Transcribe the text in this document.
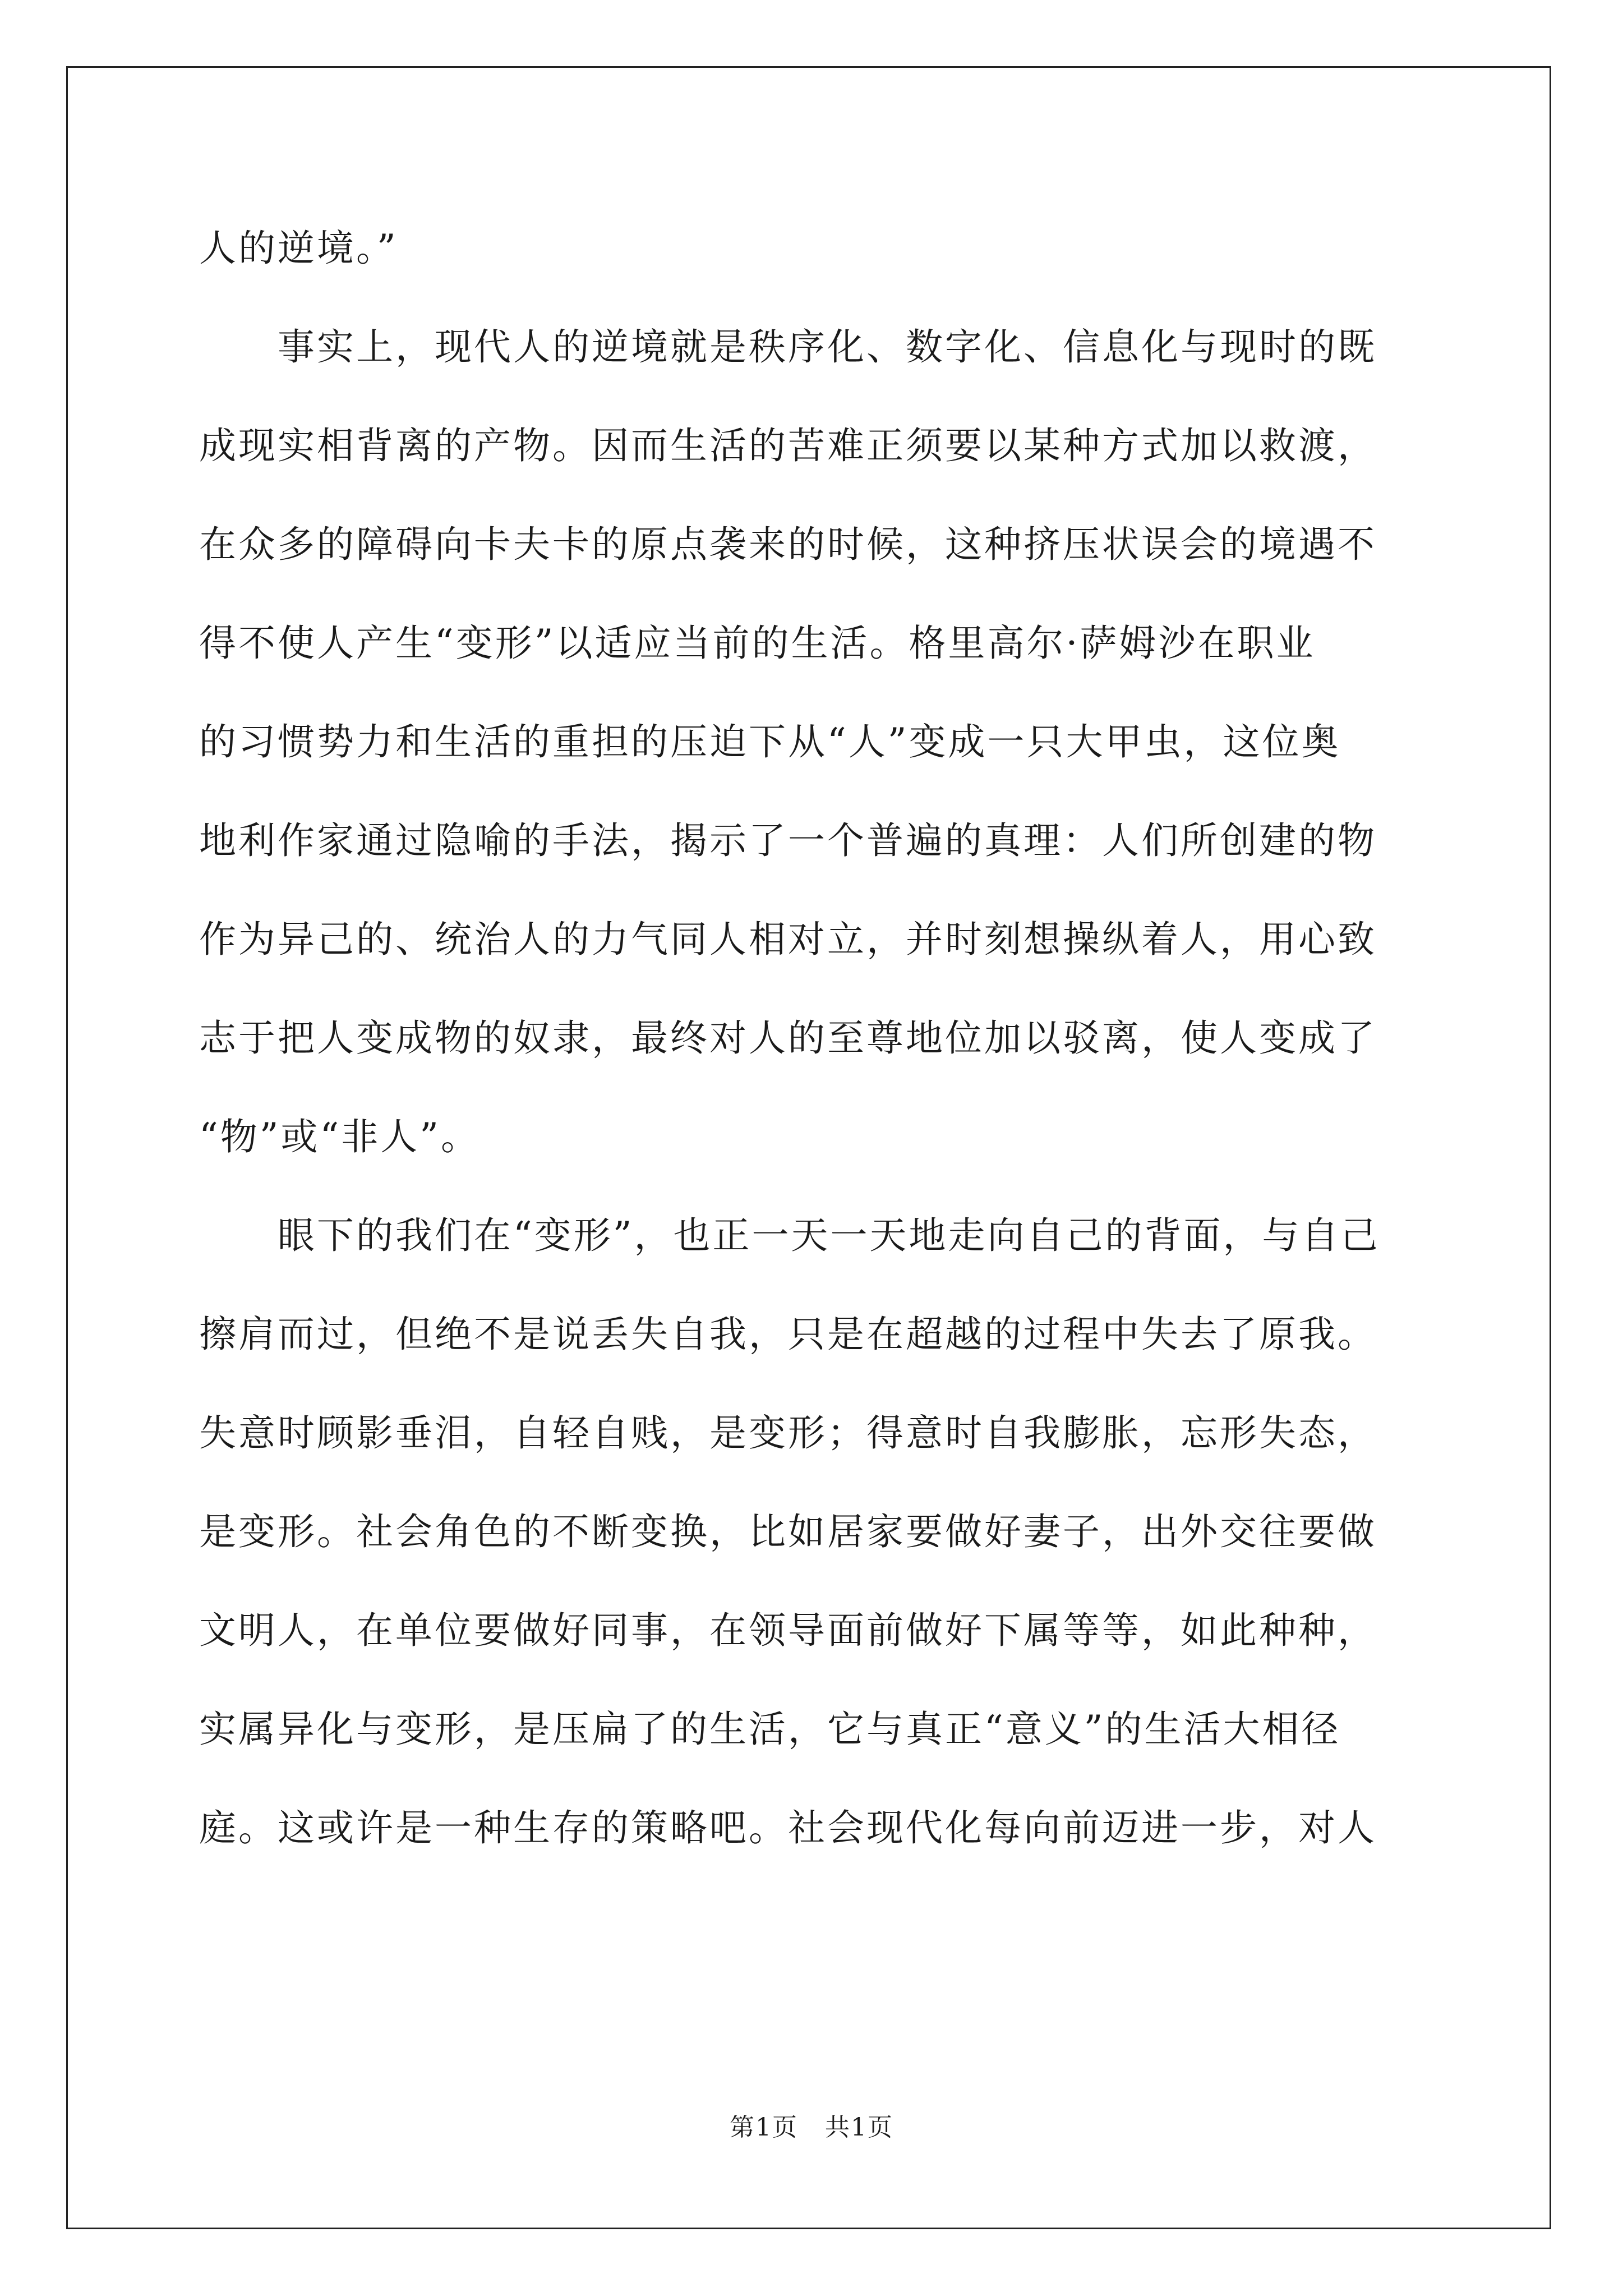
人的逆境。”
事实上，现代人的逆境就是秩序化、数字化、信息化与现时的既
成现实相背离的产物。因而生活的苦难正须要以某种方式加以救渡，
在众多的障碍向卡夫卡的原点袭来的时候，这种挤压状误会的境遇不
得不使人产生“变形”以适应当前的生活。格里高尔·萨姆沙在职业
的习惯势力和生活的重担的压迫下从“人”变成一只大甲虫，这位奥
地利作家通过隐喻的手法，揭示了一个普遍的真理：人们所创建的物
作为异己的、统治人的力气同人相对立，并时刻想操纵着人，用心致
志于把人变成物的奴隶，最终对人的至尊地位加以驳离，使人变成了
“物”或“非人”。
眼下的我们在“变形”，也正一天一天地走向自己的背面，与自己
擦肩而过，但绝不是说丢失自我，只是在超越的过程中失去了原我。
失意时顾影垂泪，自轻自贱，是变形；得意时自我膨胀，忘形失态，
是变形。社会角色的不断变换，比如居家要做好妻子，出外交往要做
文明人，在单位要做好同事，在领导面前做好下属等等，如此种种，
实属异化与变形，是压扁了的生活，它与真正“意义”的生活大相径
庭。这或许是一种生存的策略吧。社会现代化每向前迈进一步，对人
第1页 共1页
